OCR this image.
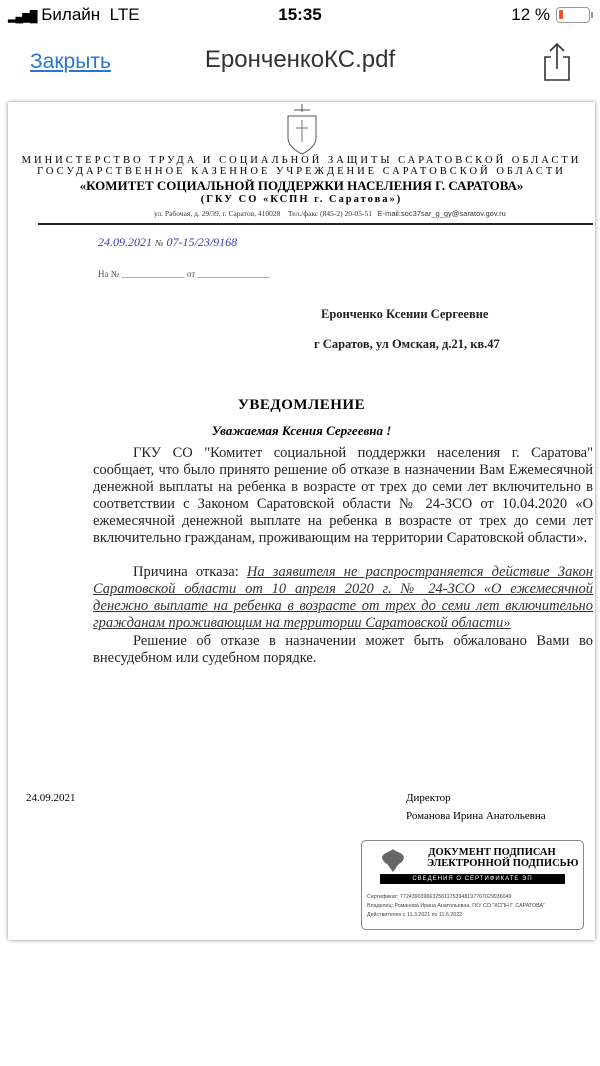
▂▄▆█ Билайн LTE	15:35	12 %
Закрыть	ЕронченкоКС.pdf
МИНИСТЕРСТВО ТРУДА И СОЦИАЛЬНОЙ ЗАЩИТЫ САРАТОВСКОЙ ОБЛАСТИ
ГОСУДАРСТВЕННОЕ КАЗЕННОЕ УЧРЕЖДЕНИЕ САРАТОВСКОЙ ОБЛАСТИ
«КОМИТЕТ СОЦИАЛЬНОЙ ПОДДЕРЖКИ НАСЕЛЕНИЯ Г. САРАТОВА»
(ГКУ СО «КСПН г. Саратова»)
ул. Рабочая, д. 29/39, г. Саратов, 410028 Тел./факс (845-2) 20-05-51 E-mail:soc37sar_g_gy@saratov.gov.ru
24.09.2021 № 07-15/23/9168
На № ______________ от ________________
Еронченко Ксении Сергеевне
г Саратов, ул Омская, д.21, кв.47
УВЕДОМЛЕНИЕ
Уважаемая Ксения Сергеевна !
ГКУ СО "Комитет социальной поддержки населения г. Саратова" сообщает, что было принято решение об отказе в назначении Вам Ежемесячной денежной выплаты на ребенка в возрасте от трех до семи лет включительно в соответствии с Законом Саратовской области № 24-ЗСО от 10.04.2020 «О ежемесячной денежной выплате на ребенка в возрасте от трех до семи лет включительно гражданам, проживающим на территории Саратовской области».
Причина отказа: На заявителя не распространяется действие Закон Саратовской области от 10 апреля 2020 г. № 24-ЗСО «О ежемесячной денежно выплате на ребенка в возрасте от трех до семи лет включительно гражданам проживающим на территории Саратовской области»
Решение об отказе в назначении может быть обжаловано Вами во внесудебном или судебном порядке.
24.09.2021	Директор
Романова Ирина Анатольевна
ДОКУМЕНТ ПОДПИСАН
ЭЛЕКТРОННОЙ ПОДПИСЬЮ
СВЕДЕНИЯ О СЕРТИФИКАТЕ ЭП
Сертификат: 77243903966325611753948197767029936049
Владелец: Романова Ирина Анатольевна, ГКУ СО "КСПН Г. САРАТОВА"
Действителен с 11.3.2021 по 11.6.2022
